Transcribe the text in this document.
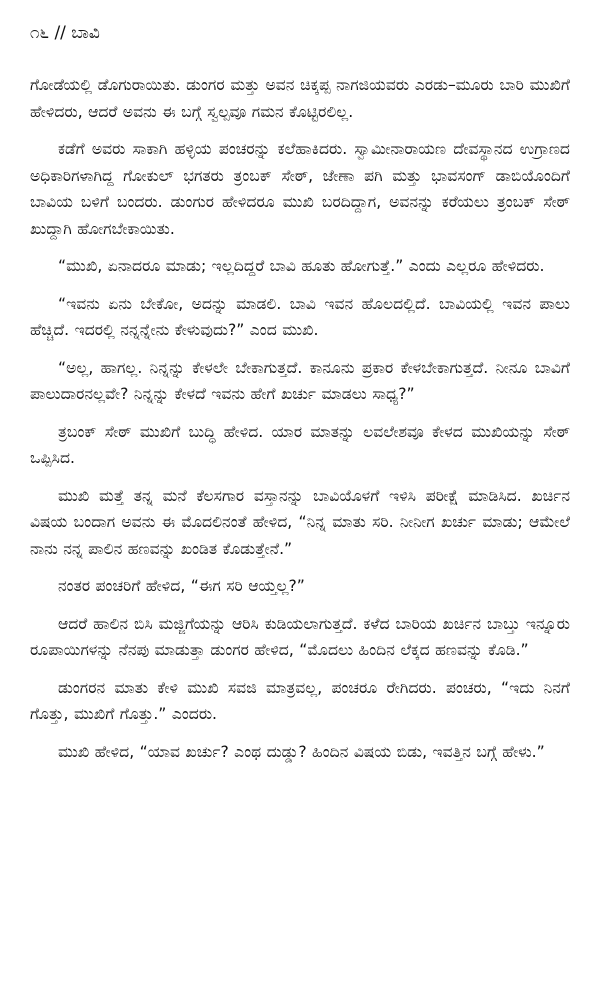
೧೬ // ಬಾವಿ

ಗೋಡೆಯಲ್ಲಿ ಡೊಗುರಾಯಿತು. ಡುಂಗರ ಮತ್ತು ಅವನ ಚಿಕ್ಕಪ್ಪ ನಾಗಜಿಯವರು ಎರಡು–ಮೂರು ಬಾರಿ ಮುಖಿಗೆ ಹೇಳಿದರು, ಆದರೆ ಅವನು ಈ ಬಗ್ಗೆ ಸ್ವಲ್ಪವೂ ಗಮನ ಕೊಟ್ಟಿರಲಿಲ್ಲ.

ಕಡೆಗೆ ಅವರು ಸಾಕಾಗಿ ಹಳ್ಳಿಯ ಪಂಚರನ್ನು ಕಲೆಹಾಕಿದರು. ಸ್ವಾಮೀನಾರಾಯಣ ದೇವಸ್ಥಾನದ ಉಗ್ರಾಣದ ಅಧಿಕಾರಿಗಳಾಗಿದ್ದ ಗೋಕುಲ್ ಭಗತರು ತ್ರಂಬಕ್ ಸೇಠ್, ಜೇಣಾ ಪಗಿ ಮತ್ತು ಭಾವಸಂಗ್ ಡಾಬಿಯೊಂದಿಗೆ ಬಾವಿಯ ಬಳಿಗೆ ಬಂದರು. ಡುಂಗುರ ಹೇಳಿದರೂ ಮುಖಿ ಬರದಿದ್ದಾಗ, ಅವನನ್ನು ಕರೆಯಲು ತ್ರಂಬಕ್ ಸೇಠ್ ಖುದ್ದಾಗಿ ಹೋಗಬೇಕಾಯಿತು.

“ಮುಖಿ, ಏನಾದರೂ ಮಾಡು; ಇಲ್ಲದಿದ್ದರೆ ಬಾವಿ ಹೂತು ಹೋಗುತ್ತೆ.” ಎಂದು ಎಲ್ಲರೂ ಹೇಳಿದರು.

“ಇವನು ಏನು ಬೇಕೋ, ಅದನ್ನು ಮಾಡಲಿ. ಬಾವಿ ಇವನ ಹೊಲದಲ್ಲಿದೆ. ಬಾವಿಯಲ್ಲಿ ಇವನ ಪಾಲು ಹೆಚ್ಚಿದೆ. ಇದರಲ್ಲಿ ನನ್ನನ್ನೇನು ಕೇಳುವುದು?” ಎಂದ ಮುಖಿ.

“ಅಲ್ಲ, ಹಾಗಲ್ಲ. ನಿನ್ನನ್ನು ಕೇಳಲೇ ಬೇಕಾಗುತ್ತದೆ. ಕಾನೂನು ಪ್ರಕಾರ ಕೇಳಬೇಕಾಗುತ್ತದೆ. ನೀನೂ ಬಾವಿಗೆ ಪಾಲುದಾರನಲ್ಲವೇ? ನಿನ್ನನ್ನು ಕೇಳದೆ ಇವನು ಹೇಗೆ ಖರ್ಚು ಮಾಡಲು ಸಾಧ್ಯ?”

ತ್ರಬಂಕ್ ಸೇಠ್ ಮುಖಿಗೆ ಬುದ್ಧಿ ಹೇಳಿದ. ಯಾರ ಮಾತನ್ನು ಲವಲೇಶವೂ ಕೇಳದ ಮುಖಿಯನ್ನು ಸೇಠ್ ಒಪ್ಪಿಸಿದ.

ಮುಖಿ ಮತ್ತೆ ತನ್ನ ಮನೆ ಕೆಲಸಗಾರ ವಸ್ತಾನನ್ನು ಬಾವಿಯೊಳಗೆ ಇಳಿಸಿ ಪರೀಕ್ಷೆ ಮಾಡಿಸಿದ. ಖರ್ಚಿನ ವಿಷಯ ಬಂದಾಗ ಅವನು ಈ ಮೊದಲಿನಂತೆ ಹೇಳಿದ, “ನಿನ್ನ ಮಾತು ಸರಿ. ನೀನೀಗ ಖರ್ಚು ಮಾಡು; ಆಮೇಲೆ ನಾನು ನನ್ನ ಪಾಲಿನ ಹಣವನ್ನು ಖಂಡಿತ ಕೊಡುತ್ತೇನೆ.”

ನಂತರ ಪಂಚರಿಗೆ ಹೇಳಿದ, “ಈಗ ಸರಿ ಆಯ್ತಲ್ಲ?”

ಆದರೆ ಹಾಲಿನ ಬಿಸಿ ಮಜ್ಜಿಗೆಯನ್ನು ಆರಿಸಿ ಕುಡಿಯಲಾಗುತ್ತದೆ. ಕಳೆದ ಬಾರಿಯ ಖರ್ಚಿನ ಬಾಬ್ತು ಇನ್ನೂರು ರೂಪಾಯಿಗಳನ್ನು ನೆನಪು ಮಾಡುತ್ತಾ ಡುಂಗರ ಹೇಳಿದ, “ಮೊದಲು ಹಿಂದಿನ ಲೆಕ್ಕದ ಹಣವನ್ನು ಕೊಡಿ.”

ಡುಂಗರನ ಮಾತು ಕೇಳಿ ಮುಖಿ ಸವಜಿ ಮಾತ್ರವಲ್ಲ, ಪಂಚರೂ ರೇಗಿದರು. ಪಂಚರು, “ಇದು ನಿನಗೆ ಗೊತ್ತು, ಮುಖಿಗೆ ಗೊತ್ತು.” ಎಂದರು.

ಮುಖಿ ಹೇಳಿದ, “ಯಾವ ಖರ್ಚು? ಎಂಥ ದುಡ್ಡು? ಹಿಂದಿನ ವಿಷಯ ಬಿಡು, ಇವತ್ತಿನ ಬಗ್ಗೆ ಹೇಳು.”
